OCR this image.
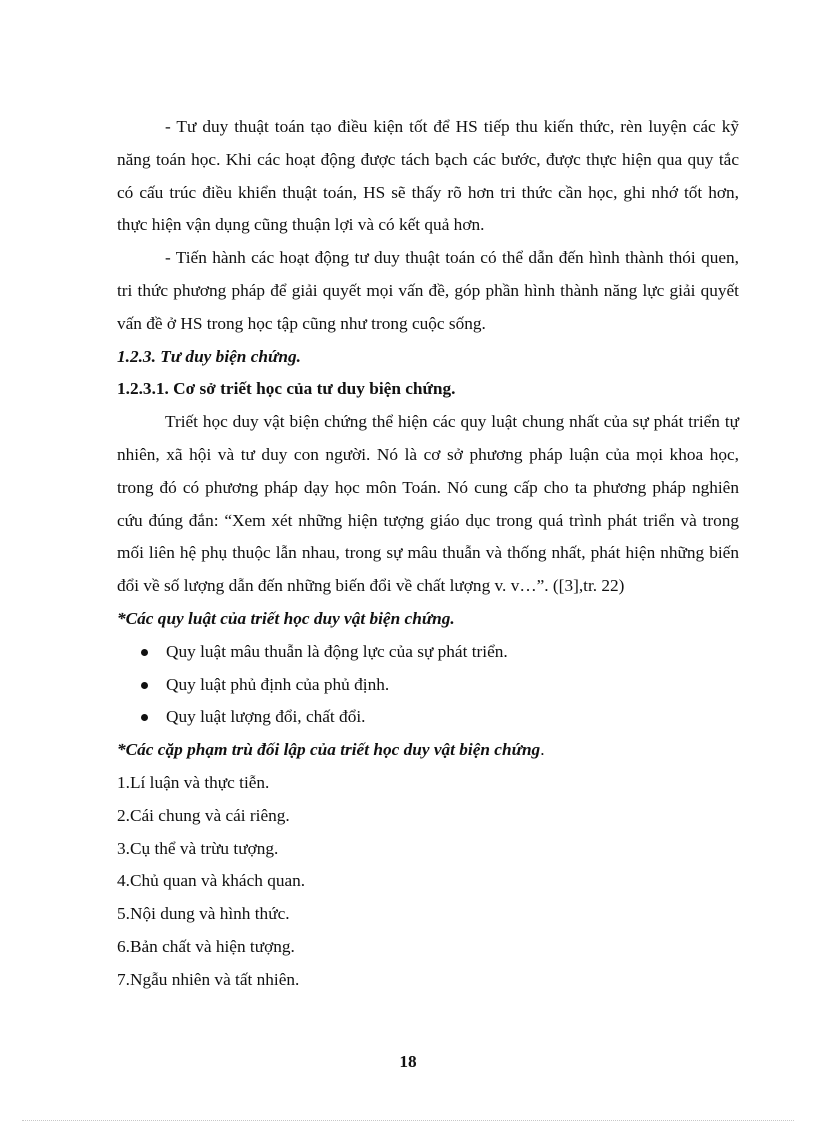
- Tư duy thuật toán tạo điều kiện tốt để HS tiếp thu kiến thức, rèn luyện các kỹ năng toán học. Khi các hoạt động được tách bạch các bước, được thực hiện qua quy tắc có cấu trúc điều khiển thuật toán, HS sẽ thấy rõ hơn tri thức cần học, ghi nhớ tốt hơn, thực hiện vận dụng cũng thuận lợi và có kết quả hơn.

- Tiến hành các hoạt động tư duy thuật toán có thể dẫn đến hình thành thói quen, tri thức phương pháp để giải quyết mọi vấn đề, góp phần hình thành năng lực giải quyết vấn đề ở HS trong học tập cũng như trong cuộc sống.

1.2.3. Tư duy biện chứng.

1.2.3.1. Cơ sở triết học của tư duy biện chứng.

Triết học duy vật biện chứng thể hiện các quy luật chung nhất của sự phát triển tự nhiên, xã hội và tư duy con người. Nó là cơ sở phương pháp luận của mọi khoa học, trong đó có phương pháp dạy học môn Toán. Nó cung cấp cho ta phương pháp nghiên cứu đúng đắn: “Xem xét những hiện tượng giáo dục trong quá trình phát triển và trong mối liên hệ phụ thuộc lẫn nhau, trong sự mâu thuẫn và thống nhất, phát hiện những biến đổi về số lượng dẫn đến những biến đổi về chất lượng v. v…”. ([3],tr. 22)

*Các quy luật của triết học duy vật biện chứng.

Quy luật mâu thuẫn là động lực của sự phát triển.
Quy luật phủ định của phủ định.
Quy luật lượng đổi, chất đổi.

*Các cặp phạm trù đối lập của triết học duy vật biện chứng.

1.Lí luận và thực tiễn.
2.Cái chung và cái riêng.
3.Cụ thể và trừu tượng.
4.Chủ quan và khách quan.
5.Nội dung và hình thức.
6.Bản chất và hiện tượng.
7.Ngẫu nhiên và tất nhiên.
18
